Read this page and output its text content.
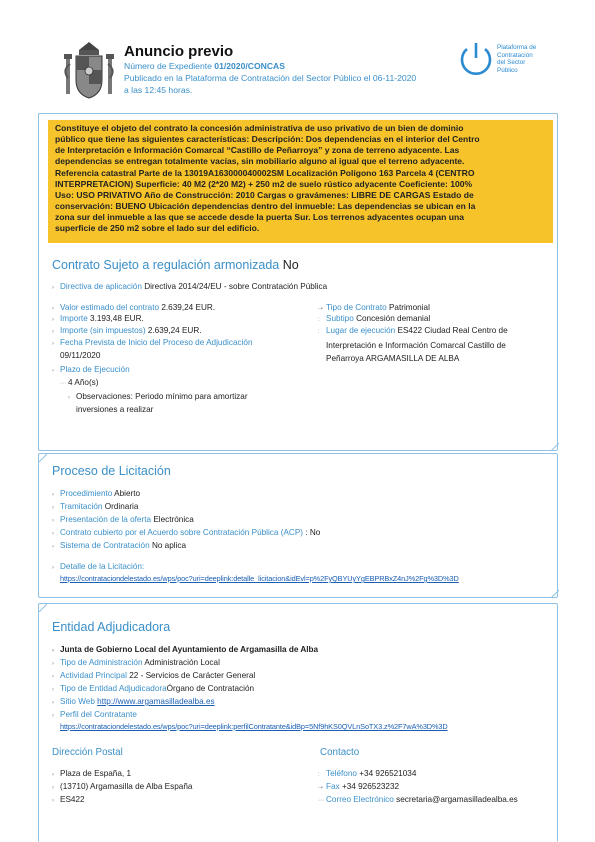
Anuncio previo
Número de Expediente 01/2020/CONCAS
Publicado en la Plataforma de Contratación del Sector Público el 06-11-2020
a las 12:45 horas.
Plataforma de
Contratación
del Sector
Público
Constituye el objeto del contrato la concesión administrativa de uso privativo de un bien de dominio
público que tiene las siguientes características: Descripción: Dos dependencias en el interior del Centro
de Interpretación e Información Comarcal “Castillo de Peñarroya” y zona de terreno adyacente. Las
dependencias se entregan totalmente vacías, sin mobiliario alguno al igual que el terreno adyacente.
Referencia catastral Parte de la 13019A163000040002SM Localización Polígono 163 Parcela 4 (CENTRO
INTERPRETACION) Superficie: 40 M2 (2*20 M2) + 250 m2 de suelo rústico adyacente Coeficiente: 100%
Uso: USO PRIVATIVO Año de Construcción: 2010 Cargas o gravámenes: LIBRE DE CARGAS Estado de
conservación: BUENO Ubicación dependencias dentro del inmueble: Las dependencias se ubican en la
zona sur del inmueble a las que se accede desde la puerta Sur. Los terrenos adyacentes ocupan una
superficie de 250 m2 sobre el lado sur del edificio.
Contrato Sujeto a regulación armonizada No
› Directiva de aplicación Directiva 2014/24/EU - sobre Contratación Pública
› Valor estimado del contrato 2.639,24 EUR.
› Importe 3.193,48 EUR.
› Importe (sin impuestos) 2.639,24 EUR.
› Fecha Prevista de Inicio del Proceso de Adjudicación
09/11/2020
› Plazo de Ejecución
⋯ 4 Año(s)
‹ Observaciones: Periodo mínimo para amortizar
inversiones a realizar
⇢ Tipo de Contrato Patrimonial
: Subtipo Concesión demanial
: Lugar de ejecución ES422 Ciudad Real Centro de
Interpretación e Información Comarcal Castillo de
Peñarroya ARGAMASILLA DE ALBA
Proceso de Licitación
› Procedimiento Abierto
› Tramitación Ordinaria
› Presentación de la oferta Electrónica
› Contrato cubierto por el Acuerdo sobre Contratación Pública (ACP) : No
› Sistema de Contratación No aplica
› Detalle de la Licitación:
https://contrataciondelestado.es/wps/poc?uri=deeplink:detalle_licitacion&idEvl=p%2FyQBYUyYgEBPRBxZ4nJ%2Fg%3D%3D
Entidad Adjudicadora
› Junta de Gobierno Local del Ayuntamiento de Argamasilla de Alba
› Tipo de Administración Administración Local
› Actividad Principal 22 - Servicios de Carácter General
› Tipo de Entidad AdjudicadoraÓrgano de Contratación
› Sitio Web http://www.argamasilladealba.es
› Perfil del Contratante
https://contrataciondelestado.es/wps/poc?uri=deeplink:perfilContratante&idBp=5Nf9hKS0QVLnSoTX3.z%2F7wA%3D%3D
Dirección Postal
› Plaza de España, 1
› (13710) Argamasilla de Alba España
› ES422
Contacto
: Teléfono +34 926521034
⇢ Fax +34 926523232
⋯ Correo Electrónico secretaria@argamasilladealba.es
